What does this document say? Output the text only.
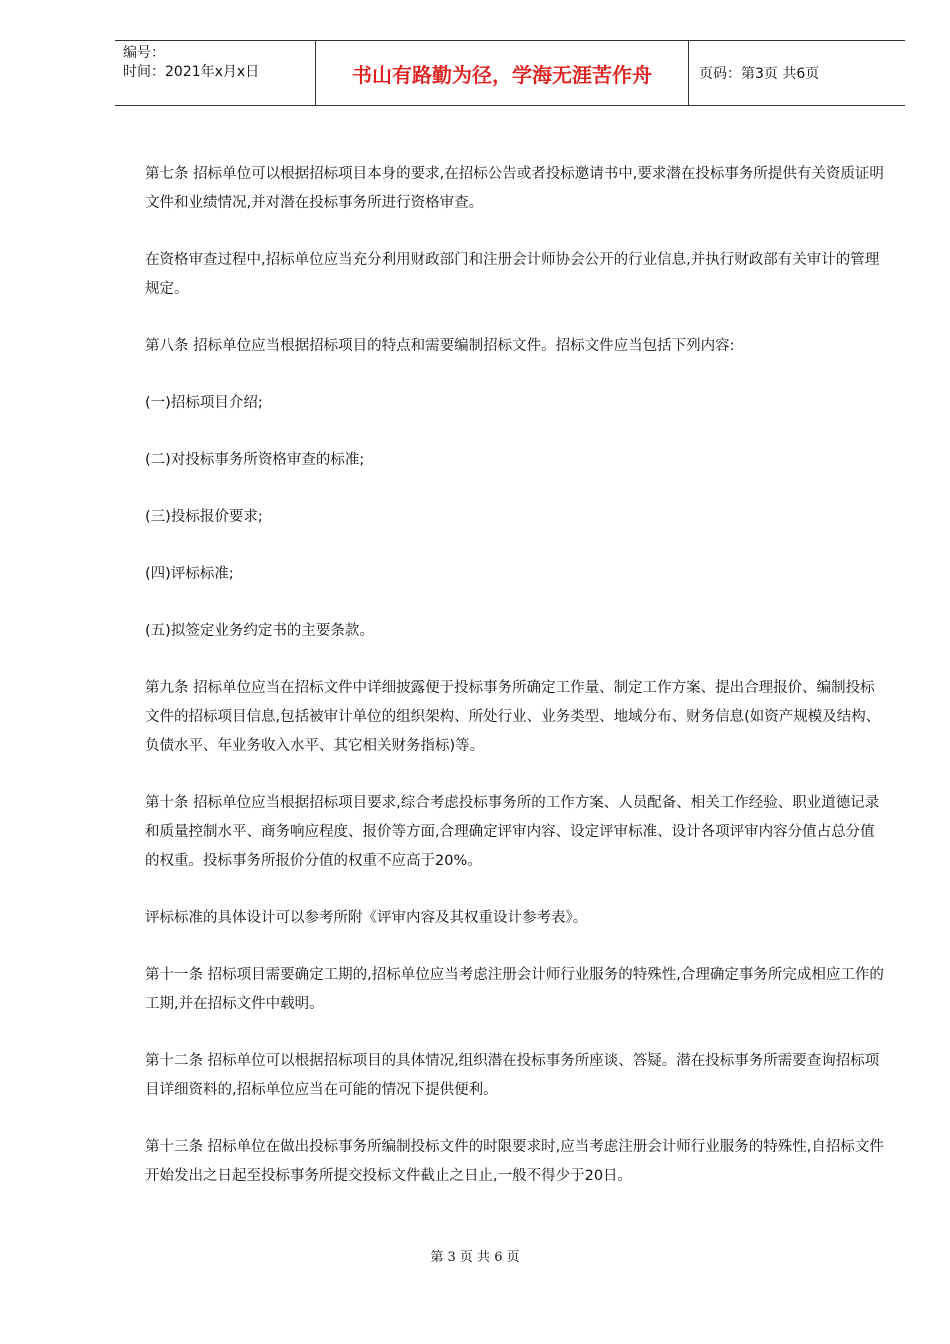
编号：
时间：2021年x月x日	书山有路勤为径，学海无涯苦作舟	页码：第3页 共6页

第七条 招标单位可以根据招标项目本身的要求,在招标公告或者投标邀请书中,要求潜在投标事务所提供有关资质证明文件和业绩情况,并对潜在投标事务所进行资格审查。

在资格审查过程中,招标单位应当充分利用财政部门和注册会计师协会公开的行业信息,并执行财政部有关审计的管理规定。

第八条 招标单位应当根据招标项目的特点和需要编制招标文件。招标文件应当包括下列内容:

(一)招标项目介绍;

(二)对投标事务所资格审查的标准;

(三)投标报价要求;

(四)评标标准;

(五)拟签定业务约定书的主要条款。

第九条 招标单位应当在招标文件中详细披露便于投标事务所确定工作量、制定工作方案、提出合理报价、编制投标文件的招标项目信息,包括被审计单位的组织架构、所处行业、业务类型、地域分布、财务信息(如资产规模及结构、负债水平、年业务收入水平、其它相关财务指标)等。

第十条 招标单位应当根据招标项目要求,综合考虑投标事务所的工作方案、人员配备、相关工作经验、职业道德记录和质量控制水平、商务响应程度、报价等方面,合理确定评审内容、设定评审标准、设计各项评审内容分值占总分值的权重。投标事务所报价分值的权重不应高于20%。

评标标准的具体设计可以参考所附《评审内容及其权重设计参考表》。

第十一条 招标项目需要确定工期的,招标单位应当考虑注册会计师行业服务的特殊性,合理确定事务所完成相应工作的工期,并在招标文件中载明。

第十二条 招标单位可以根据招标项目的具体情况,组织潜在投标事务所座谈、答疑。潜在投标事务所需要查询招标项目详细资料的,招标单位应当在可能的情况下提供便利。

第十三条 招标单位在做出投标事务所编制投标文件的时限要求时,应当考虑注册会计师行业服务的特殊性,自招标文件开始发出之日起至投标事务所提交投标文件截止之日止,一般不得少于20日。

第 3 页 共 6 页
